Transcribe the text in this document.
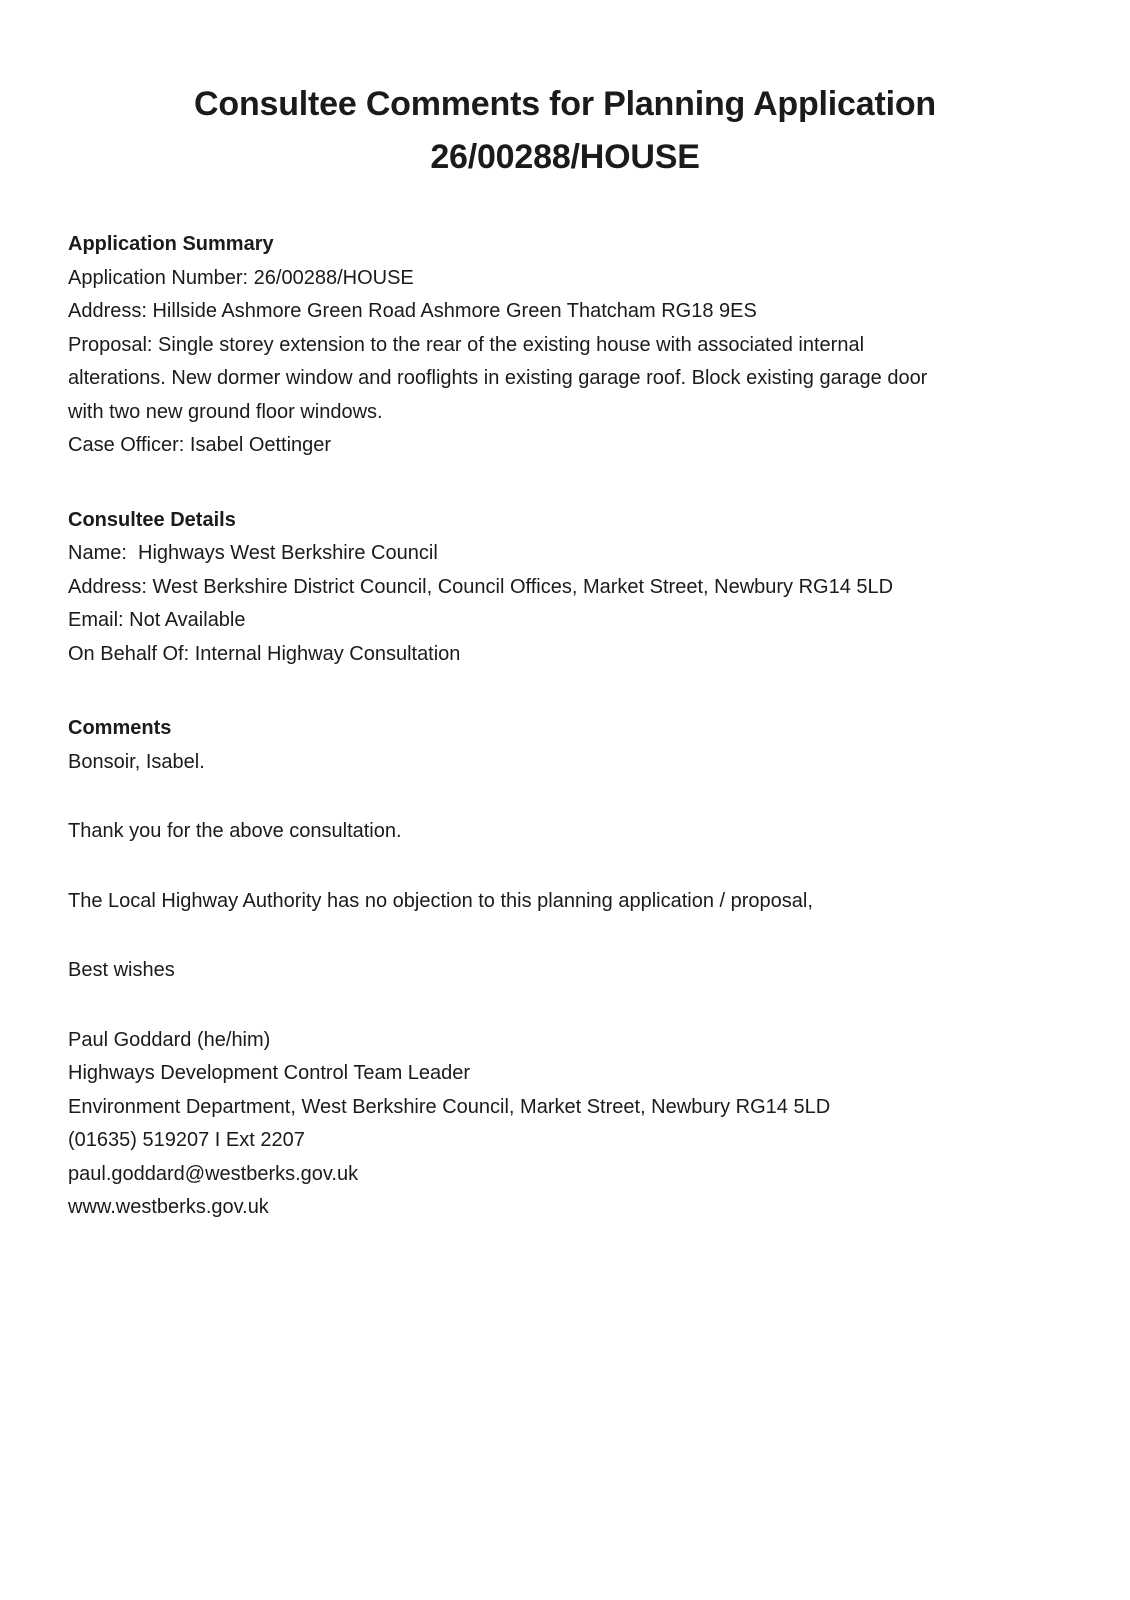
Consultee Comments for Planning Application
26/00288/HOUSE
Application Summary
Application Number: 26/00288/HOUSE
Address: Hillside Ashmore Green Road Ashmore Green Thatcham RG18 9ES
Proposal: Single storey extension to the rear of the existing house with associated internal
alterations. New dormer window and rooflights in existing garage roof. Block existing garage door
with two new ground floor windows.
Case Officer: Isabel Oettinger
Consultee Details
Name:  Highways West Berkshire Council
Address: West Berkshire District Council, Council Offices, Market Street, Newbury RG14 5LD
Email: Not Available
On Behalf Of: Internal Highway Consultation
Comments
Bonsoir, Isabel.
Thank you for the above consultation.
The Local Highway Authority has no objection to this planning application / proposal,
Best wishes
Paul Goddard (he/him)
Highways Development Control Team Leader
Environment Department, West Berkshire Council, Market Street, Newbury RG14 5LD
(01635) 519207 I Ext 2207
paul.goddard@westberks.gov.uk
www.westberks.gov.uk
